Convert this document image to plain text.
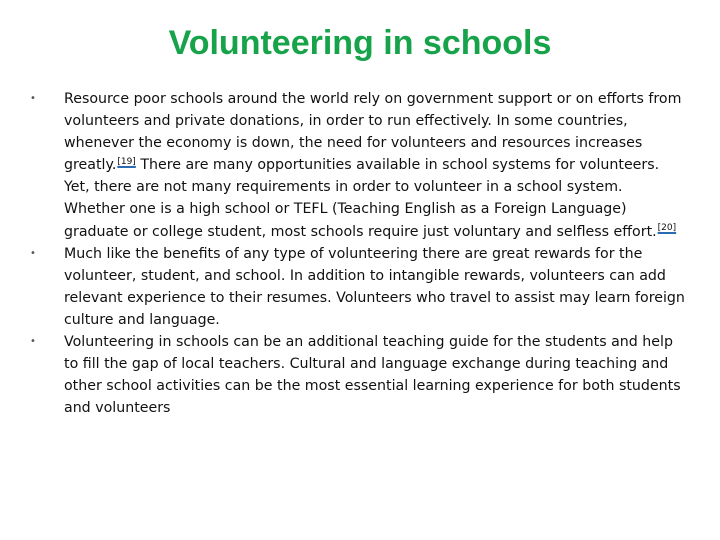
Volunteering in schools
•	Resource poor schools around the world rely on government support or on efforts from volunteers and private donations, in order to run effectively. In some countries, whenever the economy is down, the need for volunteers and resources increases greatly.[19] There are many opportunities available in school systems for volunteers. Yet, there are not many requirements in order to volunteer in a school system. Whether one is a high school or TEFL (Teaching English as a Foreign Language) graduate or college student, most schools require just voluntary and selfless effort.[20]
•	Much like the benefits of any type of volunteering there are great rewards for the volunteer, student, and school. In addition to intangible rewards, volunteers can add relevant experience to their resumes. Volunteers who travel to assist may learn foreign culture and language.
•	Volunteering in schools can be an additional teaching guide for the students and help to fill the gap of local teachers. Cultural and language exchange during teaching and other school activities can be the most essential learning experience for both students and volunteers
